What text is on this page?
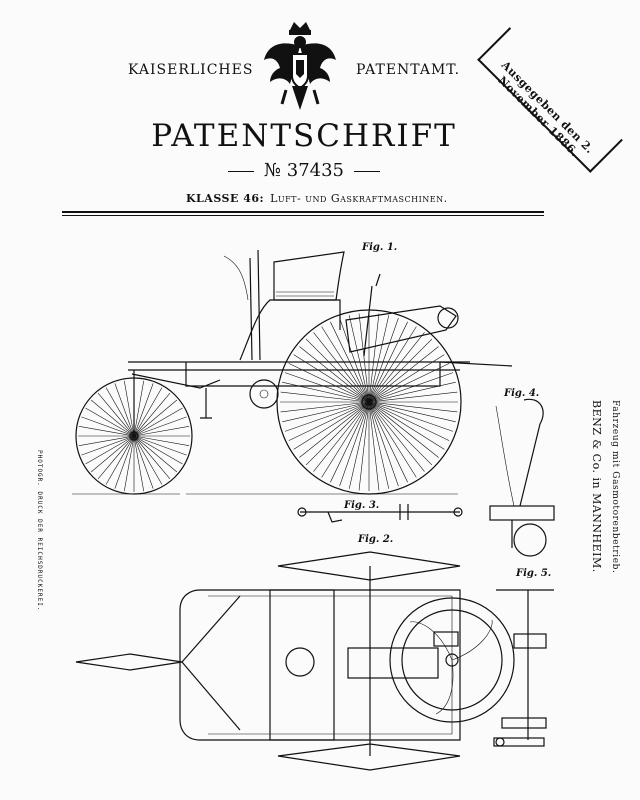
KAISERLICHES	PATENTAMT.
PATENTSCHRIFT
№ 37435
KLASSE 46: Luft- und Gaskraftmaschinen.
Ausgegeben den 2. November 1886.
PHOTOGR. DRUCK DER REICHSDRUCKEREI.	BENZ & Co. in MANNHEIM. Fahrzeug mit Gasmotorenbetrieb.
Fig. 1.
Fig. 2.
Fig. 3.
Fig. 4.
Fig. 5.
